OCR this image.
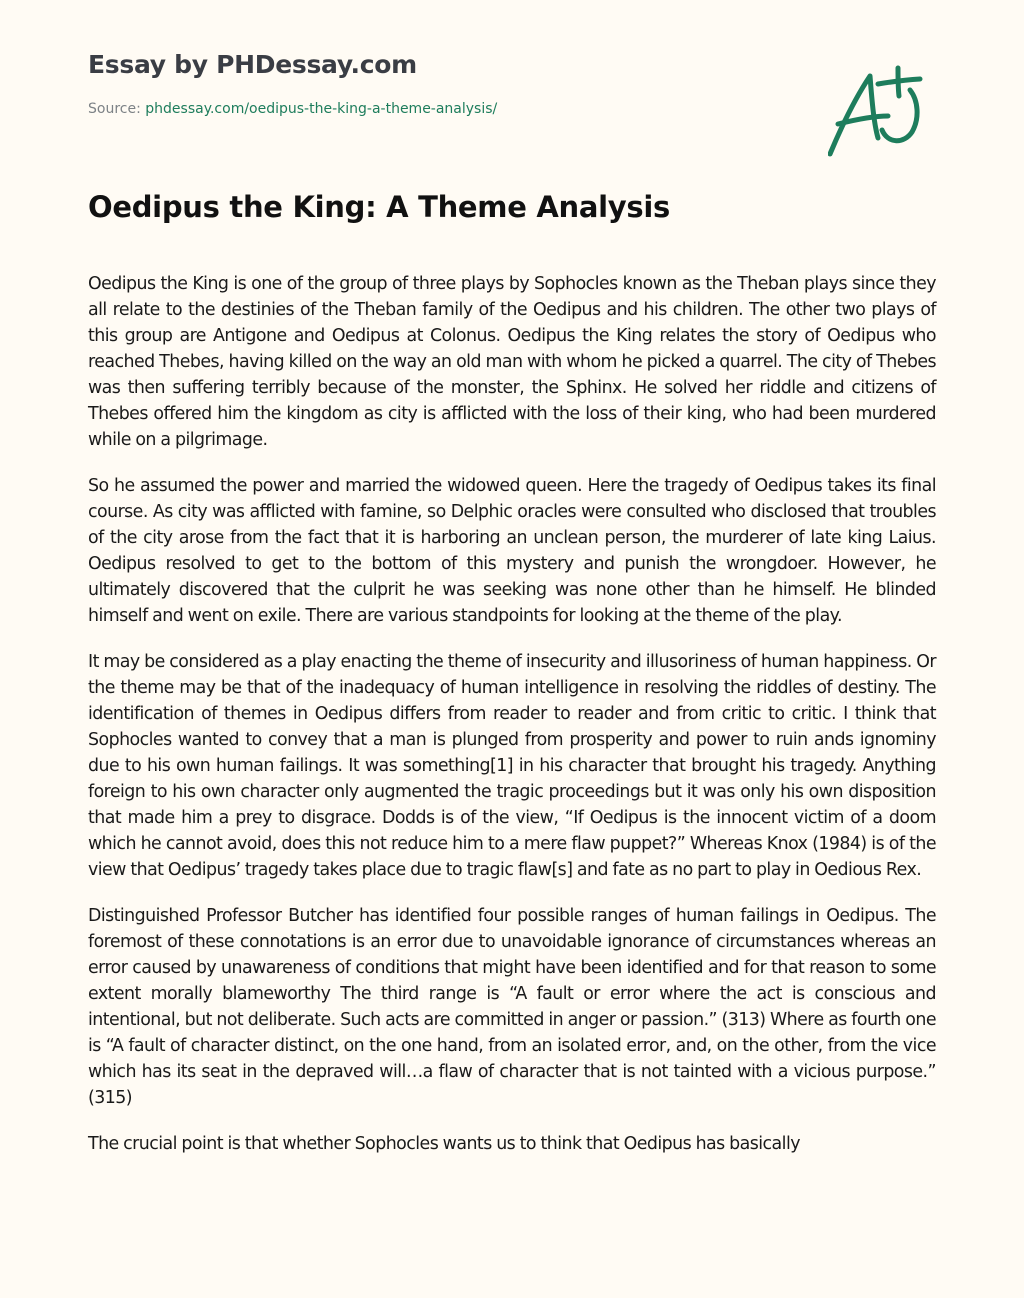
Essay by PHDessay.com
Source: phdessay.com/oedipus-the-king-a-theme-analysis/
Oedipus the King: A Theme Analysis

Oedipus the King is one of the group of three plays by Sophocles known as the Theban plays since they all relate to the destinies of the Theban family of the Oedipus and his children. The other two plays of this group are Antigone and Oedipus at Colonus. Oedipus the King relates the story of Oedipus who reached Thebes, having killed on the way an old man with whom he picked a quarrel. The city of Thebes was then suffering terribly because of the monster, the Sphinx. He solved her riddle and citizens of Thebes offered him the kingdom as city is afflicted with the loss of their king, who had been murdered while on a pilgrimage.

So he assumed the power and married the widowed queen. Here the tragedy of Oedipus takes its final course. As city was afflicted with famine, so Delphic oracles were consulted who disclosed that troubles of the city arose from the fact that it is harboring an unclean person, the murderer of late king Laius. Oedipus resolved to get to the bottom of this mystery and punish the wrongdoer. However, he ultimately discovered that the culprit he was seeking was none other than he himself. He blinded himself and went on exile. There are various standpoints for looking at the theme of the play.

It may be considered as a play enacting the theme of insecurity and illusoriness of human happiness. Or the theme may be that of the inadequacy of human intelligence in resolving the riddles of destiny. The identification of themes in Oedipus differs from reader to reader and from critic to critic. I think that Sophocles wanted to convey that a man is plunged from prosperity and power to ruin ands ignominy due to his own human failings. It was something[1] in his character that brought his tragedy. Anything foreign to his own character only augmented the tragic proceedings but it was only his own disposition that made him a prey to disgrace. Dodds is of the view, “If Oedipus is the innocent victim of a doom which he cannot avoid, does this not reduce him to a mere flaw puppet?” Whereas Knox (1984) is of the view that Oedipus’ tragedy takes place due to tragic flaw[s] and fate as no part to play in Oedious Rex.

Distinguished Professor Butcher has identified four possible ranges of human failings in Oedipus. The foremost of these connotations is an error due to unavoidable ignorance of circumstances whereas an error caused by unawareness of conditions that might have been identified and for that reason to some extent morally blameworthy The third range is “A fault or error where the act is conscious and intentional, but not deliberate. Such acts are committed in anger or passion.” (313) Where as fourth one is “A fault of character distinct, on the one hand, from an isolated error, and, on the other, from the vice which has its seat in the depraved will…a flaw of character that is not tainted with a vicious purpose.” (315)

The crucial point is that whether Sophocles wants us to think that Oedipus has basically
